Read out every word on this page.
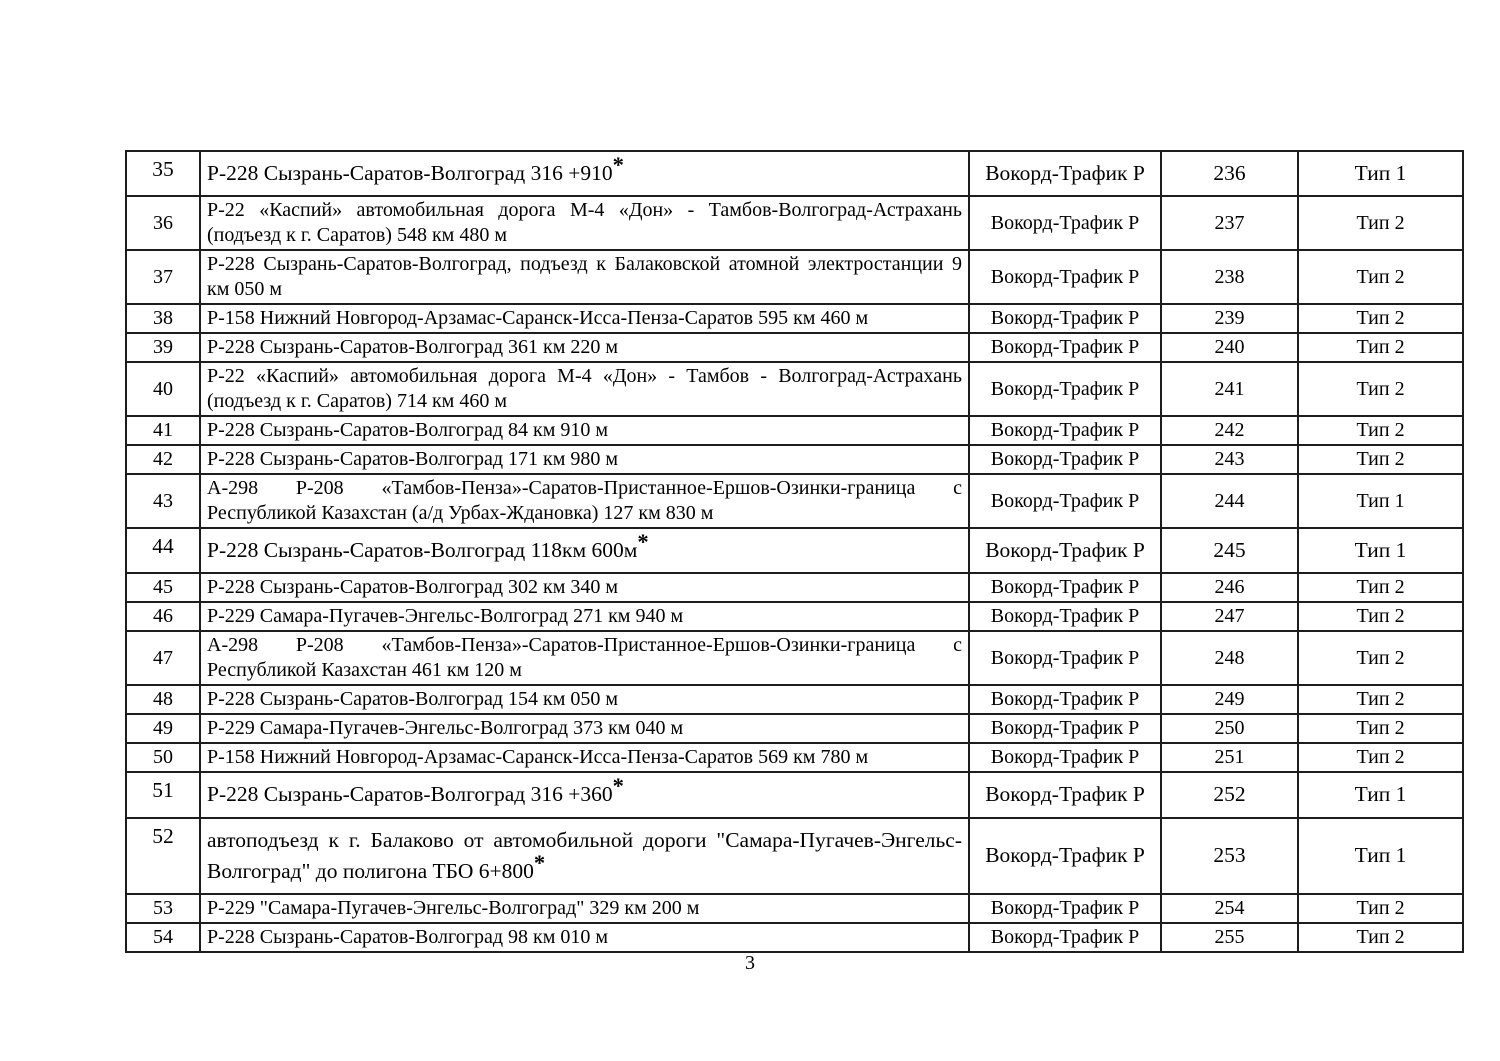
35	Р-228 Сызрань-Саратов-Волгоград 316 +910*	Вокорд-Трафик Р	236	Тип 1
36	Р-22 «Каспий» автомобильная дорога М-4 «Дон» - Тамбов-Волгоград-Астрахань (подъезд к г. Саратов) 548 км 480 м	Вокорд-Трафик Р	237	Тип 2
37	Р-228 Сызрань-Саратов-Волгоград, подъезд к Балаковской атомной электростанции 9 км 050 м	Вокорд-Трафик Р	238	Тип 2
38	Р-158 Нижний Новгород-Арзамас-Саранск-Исса-Пенза-Саратов 595 км 460 м	Вокорд-Трафик Р	239	Тип 2
39	Р-228 Сызрань-Саратов-Волгоград 361 км 220 м	Вокорд-Трафик Р	240	Тип 2
40	Р-22 «Каспий» автомобильная дорога М-4 «Дон» - Тамбов - Волгоград-Астрахань (подъезд к г. Саратов) 714 км 460 м	Вокорд-Трафик Р	241	Тип 2
41	Р-228 Сызрань-Саратов-Волгоград 84 км 910 м	Вокорд-Трафик Р	242	Тип 2
42	Р-228 Сызрань-Саратов-Волгоград 171 км 980 м	Вокорд-Трафик Р	243	Тип 2
43	А-298 Р-208 «Тамбов-Пенза»-Саратов-Пристанное-Ершов-Озинки-граница с Республикой Казахстан (а/д Урбах-Ждановка) 127 км 830 м	Вокорд-Трафик Р	244	Тип 1
44	Р-228 Сызрань-Саратов-Волгоград 118км 600м*	Вокорд-Трафик Р	245	Тип 1
45	Р-228 Сызрань-Саратов-Волгоград 302 км 340 м	Вокорд-Трафик Р	246	Тип 2
46	Р-229 Самара-Пугачев-Энгельс-Волгоград 271 км 940 м	Вокорд-Трафик Р	247	Тип 2
47	А-298 Р-208 «Тамбов-Пенза»-Саратов-Пристанное-Ершов-Озинки-граница с Республикой Казахстан 461 км 120 м	Вокорд-Трафик Р	248	Тип 2
48	Р-228 Сызрань-Саратов-Волгоград 154 км 050 м	Вокорд-Трафик Р	249	Тип 2
49	Р-229 Самара-Пугачев-Энгельс-Волгоград 373 км 040 м	Вокорд-Трафик Р	250	Тип 2
50	Р-158 Нижний Новгород-Арзамас-Саранск-Исса-Пенза-Саратов 569 км 780 м	Вокорд-Трафик Р	251	Тип 2
51	Р-228 Сызрань-Саратов-Волгоград 316 +360*	Вокорд-Трафик Р	252	Тип 1
52	автоподъезд к г. Балаково от автомобильной дороги "Самара-Пугачев-Энгельс-Волгоград" до полигона ТБО 6+800*	Вокорд-Трафик Р	253	Тип 1
53	Р-229 "Самара-Пугачев-Энгельс-Волгоград" 329 км 200 м	Вокорд-Трафик Р	254	Тип 2
54	Р-228 Сызрань-Саратов-Волгоград 98 км 010 м	Вокорд-Трафик Р	255	Тип 2
3
